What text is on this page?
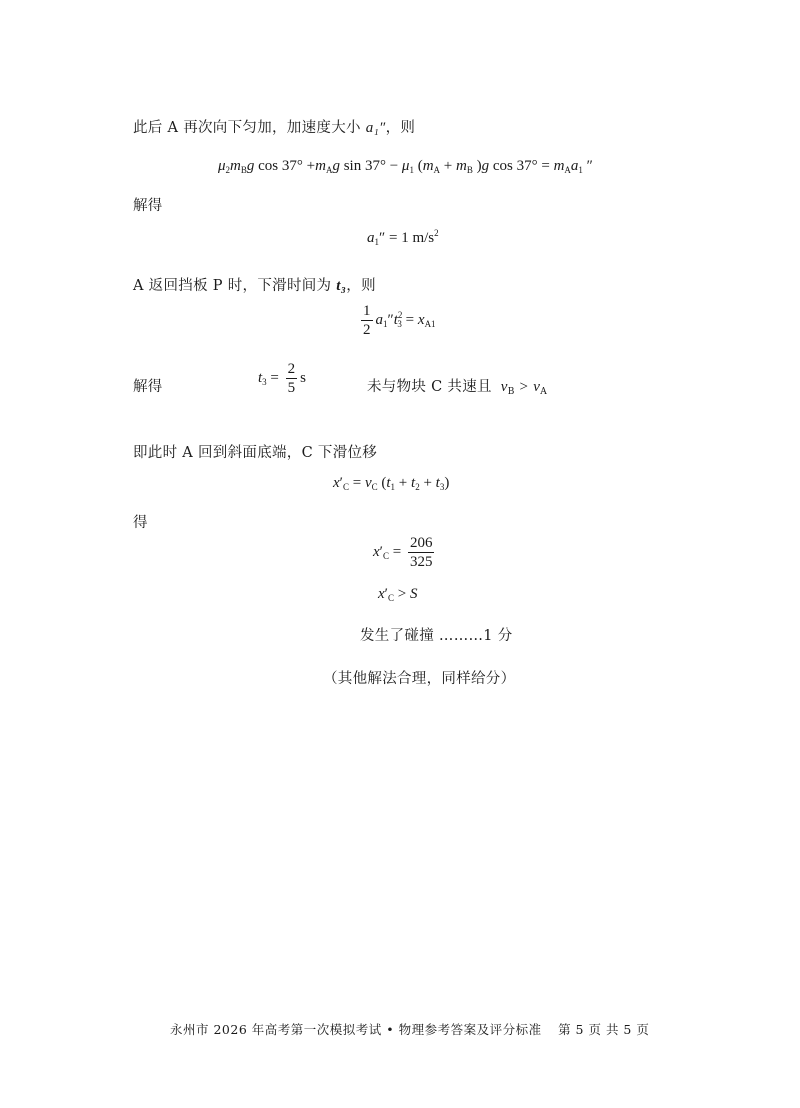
此后 A 再次向下匀加，加速度大小 a₁″，则
$\mu_2m_Bg$ $\cos 37^\circ +m_Ag$ $\sin 37^\circ - \mu_1$ ($m_A + m_B$ )g $\cos 37^\circ = m_Aa_1$ ″
解得
$a_1'' = 1$ $m/s^2$
A 返回挡板 P 时，下滑时间为 t₃，则
$\frac{1}{2} a_1''t^2_3 = x_{A1}$
解得
$t_3 = \frac{2}{5}$ s
未与物块 C 共速且 $v_B > v_A$
即此时 A 回到斜面底端，C 下滑位移
$x'_C = v_C$ $(t_1 + t_2 + t_3)$
得
$x'_C = \frac{206}{325}$
$x'_C > S$
发生了碰撞 ………1 分
（其他解法合理，同样给分）
永州市 2026 年高考第一次模拟考试 • 物理参考答案及评分标准 第 5 页 共 5 页
